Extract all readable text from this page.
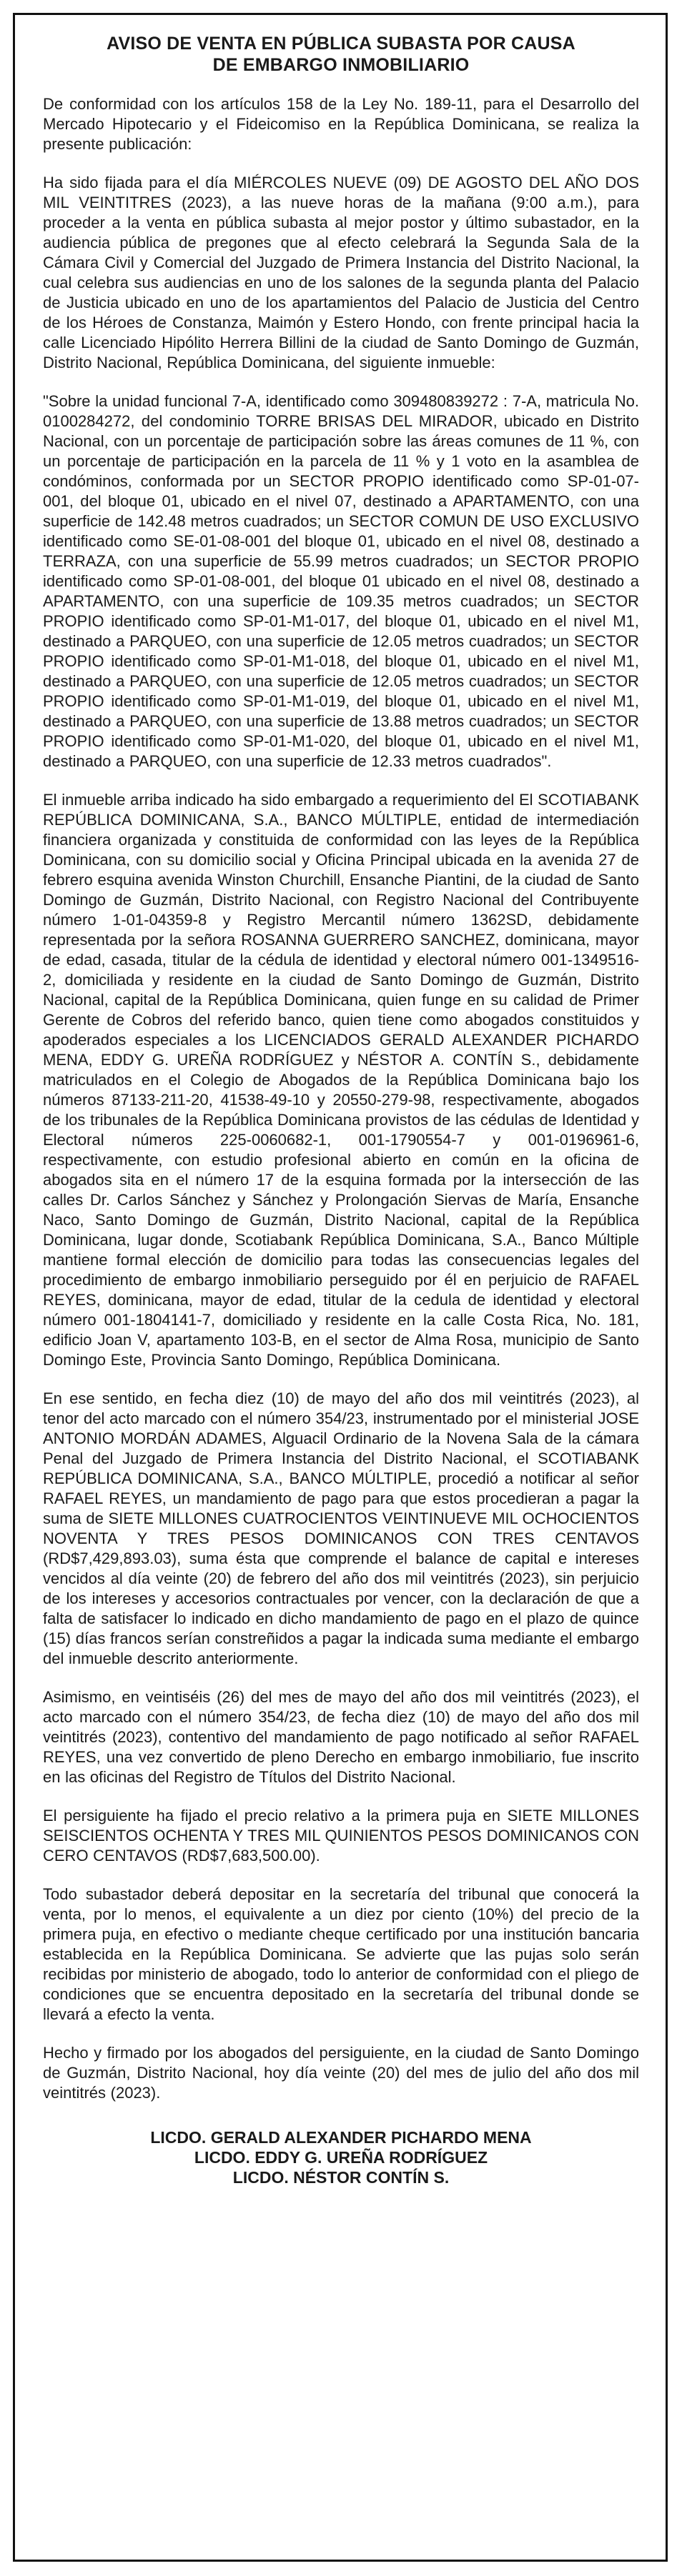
AVISO DE VENTA EN PÚBLICA SUBASTA POR CAUSA
DE EMBARGO INMOBILIARIO

De conformidad con los artículos 158 de la Ley No. 189-11, para el Desarrollo del Mercado Hipotecario y el Fideicomiso en la República Dominicana, se realiza la presente publicación:

Ha sido fijada para el día MIÉRCOLES NUEVE (09) DE AGOSTO DEL AÑO DOS MIL VEINTITRES (2023), a las nueve horas de la mañana (9:00 a.m.), para proceder a la venta en pública subasta al mejor postor y último subastador, en la audiencia pública de pregones que al efecto celebrará la Segunda Sala de la Cámara Civil y Comercial del Juzgado de Primera Instancia del Distrito Nacional, la cual celebra sus audiencias en uno de los salones de la segunda planta del Palacio de Justicia ubicado en uno de los apartamientos del Palacio de Justicia del Centro de los Héroes de Constanza, Maimón y Estero Hondo, con frente principal hacia la calle Licenciado Hipólito Herrera Billini de la ciudad de Santo Domingo de Guzmán, Distrito Nacional, República Dominicana, del siguiente inmueble:

"Sobre la unidad funcional 7-A, identificado como 309480839272 : 7-A, matricula No. 0100284272, del condominio TORRE BRISAS DEL MIRADOR, ubicado en Distrito Nacional, con un porcentaje de participación sobre las áreas comunes de 11 %, con un porcentaje de participación en la parcela de 11 % y 1 voto en la asamblea de condóminos, conformada por un SECTOR PROPIO identificado como SP-01-07-001, del bloque 01, ubicado en el nivel 07, destinado a APARTAMENTO, con una superficie de 142.48 metros cuadrados; un SECTOR COMUN DE USO EXCLUSIVO identificado como SE-01-08-001 del bloque 01, ubicado en el nivel 08, destinado a TERRAZA, con una superficie de 55.99 metros cuadrados; un SECTOR PROPIO identificado como SP-01-08-001, del bloque 01 ubicado en el nivel 08, destinado a APARTAMENTO, con una superficie de 109.35 metros cuadrados; un SECTOR PROPIO identificado como SP-01-M1-017, del bloque 01, ubicado en el nivel M1, destinado a PARQUEO, con una superficie de 12.05 metros cuadrados; un SECTOR PROPIO identificado como SP-01-M1-018, del bloque 01, ubicado en el nivel M1, destinado a PARQUEO, con una superficie de 12.05 metros cuadrados; un SECTOR PROPIO identificado como SP-01-M1-019, del bloque 01, ubicado en el nivel M1, destinado a PARQUEO, con una superficie de 13.88 metros cuadrados; un SECTOR PROPIO identificado como SP-01-M1-020, del bloque 01, ubicado en el nivel M1, destinado a PARQUEO, con una superficie de 12.33 metros cuadrados".

El inmueble arriba indicado ha sido embargado a requerimiento del El SCOTIABANK REPÚBLICA DOMINICANA, S.A., BANCO MÚLTIPLE, entidad de intermediación financiera organizada y constituida de conformidad con las leyes de la República Dominicana, con su domicilio social y Oficina Principal ubicada en la avenida 27 de febrero esquina avenida Winston Churchill, Ensanche Piantini, de la ciudad de Santo Domingo de Guzmán, Distrito Nacional, con Registro Nacional del Contribuyente número 1-01-04359-8 y Registro Mercantil número 1362SD, debidamente representada por la señora ROSANNA GUERRERO SANCHEZ, dominicana, mayor de edad, casada, titular de la cédula de identidad y electoral número 001-1349516-2, domiciliada y residente en la ciudad de Santo Domingo de Guzmán, Distrito Nacional, capital de la República Dominicana, quien funge en su calidad de Primer Gerente de Cobros del referido banco, quien tiene como abogados constituidos y apoderados especiales a los LICENCIADOS GERALD ALEXANDER PICHARDO MENA, EDDY G. UREÑA RODRÍGUEZ y NÉSTOR A. CONTÍN S., debidamente matriculados en el Colegio de Abogados de la República Dominicana bajo los números 87133-211-20, 41538-49-10 y 20550-279-98, respectivamente, abogados de los tribunales de la República Dominicana provistos de las cédulas de Identidad y Electoral números 225-0060682-1, 001-1790554-7 y 001-0196961-6, respectivamente, con estudio profesional abierto en común en la oficina de abogados sita en el número 17 de la esquina formada por la intersección de las calles Dr. Carlos Sánchez y Sánchez y Prolongación Siervas de María, Ensanche Naco, Santo Domingo de Guzmán, Distrito Nacional, capital de la República Dominicana, lugar donde, Scotiabank República Dominicana, S.A., Banco Múltiple mantiene formal elección de domicilio para todas las consecuencias legales del procedimiento de embargo inmobiliario perseguido por él en perjuicio de RAFAEL REYES, dominicana, mayor de edad, titular de la cedula de identidad y electoral número 001-1804141-7, domiciliado y residente en la calle Costa Rica, No. 181, edificio Joan V, apartamento 103-B, en el sector de Alma Rosa, municipio de Santo Domingo Este, Provincia Santo Domingo, República Dominicana.

En ese sentido, en fecha diez (10) de mayo del año dos mil veintitrés (2023), al tenor del acto marcado con el número 354/23, instrumentado por el ministerial JOSE ANTONIO MORDÁN ADAMES, Alguacil Ordinario de la Novena Sala de la cámara Penal del Juzgado de Primera Instancia del Distrito Nacional, el SCOTIABANK REPÚBLICA DOMINICANA, S.A., BANCO MÚLTIPLE, procedió a notificar al señor RAFAEL REYES, un mandamiento de pago para que estos procedieran a pagar la suma de SIETE MILLONES CUATROCIENTOS VEINTINUEVE MIL OCHOCIENTOS NOVENTA Y TRES PESOS DOMINICANOS CON TRES CENTAVOS (RD$7,429,893.03), suma ésta que comprende el balance de capital e intereses vencidos al día veinte (20) de febrero del año dos mil veintitrés (2023), sin perjuicio de los intereses y accesorios contractuales por vencer, con la declaración de que a falta de satisfacer lo indicado en dicho mandamiento de pago en el plazo de quince (15) días francos serían constreñidos a pagar la indicada suma mediante el embargo del inmueble descrito anteriormente.

Asimismo, en veintiséis (26) del mes de mayo del año dos mil veintitrés (2023), el acto marcado con el número 354/23, de fecha diez (10) de mayo del año dos mil veintitrés (2023), contentivo del mandamiento de pago notificado al señor RAFAEL REYES, una vez convertido de pleno Derecho en embargo inmobiliario, fue inscrito en las oficinas del Registro de Títulos del Distrito Nacional.

El persiguiente ha fijado el precio relativo a la primera puja en SIETE MILLONES SEISCIENTOS OCHENTA Y TRES MIL QUINIENTOS PESOS DOMINICANOS CON CERO CENTAVOS (RD$7,683,500.00).

Todo subastador deberá depositar en la secretaría del tribunal que conocerá la venta, por lo menos, el equivalente a un diez por ciento (10%) del precio de la primera puja, en efectivo o mediante cheque certificado por una institución bancaria establecida en la República Dominicana. Se advierte que las pujas solo serán recibidas por ministerio de abogado, todo lo anterior de conformidad con el pliego de condiciones que se encuentra depositado en la secretaría del tribunal donde se llevará a efecto la venta.

Hecho y firmado por los abogados del persiguiente, en la ciudad de Santo Domingo de Guzmán, Distrito Nacional, hoy día veinte (20) del mes de julio del año dos mil veintitrés (2023).

LICDO. GERALD ALEXANDER PICHARDO MENA
LICDO. EDDY G. UREÑA RODRÍGUEZ
LICDO. NÉSTOR CONTÍN S.
